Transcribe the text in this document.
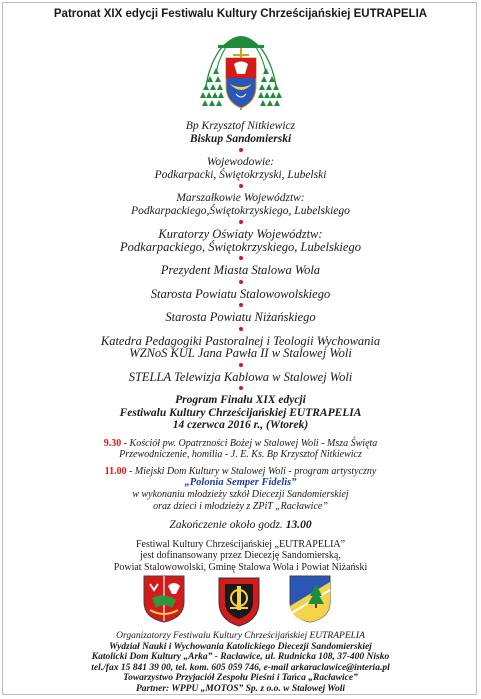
Patronat XIX edycji Festiwalu Kultury Chrześcijańskiej EUTRAPELIA

Bp Krzysztof Nitkiewicz

Biskup Sandomierski

Wojewodowie:

Podkarpacki, Świętokrzyski, Lubelski

Marszałkowie Województw:

Podkarpackiego,Świętokrzyskiego, Lubelskiego

Kuratorzy Oświaty Województw:

Podkarpackiego, Świętokrzyskiego, Lubelskiego

Prezydent Miasta Stalowa Wola

Starosta Powiatu Stalowowolskiego

Starosta Powiatu Niżańskiego

Katedra Pedagogiki Pastoralnej i Teologii Wychowania

WZNoS KUL Jana Pawła II w Stalowej Woli

STELLA Telewizja Kablowa w Stalowej Woli

Program Finału XIX edycji

Festiwalu Kultury Chrześcijańskiej EUTRAPELIA

14 czerwca 2016 r., (Wtorek)

9.30 - Kościół pw. Opatrzności Bożej w Stalowej Woli - Msza Święta

Przewodniczenie, homilia - J. E. Ks. Bp Krzysztof Nitkiewicz

11.00 - Miejski Dom Kultury w Stalowej Woli - program artystyczny

„Polonia Semper Fidelis”

w wykonaniu młodzieży szkół Diecezji Sandomierskiej

oraz dzieci i młodzieży z ZPiT „Racławice”

Zakończenie około godz. 13.00

Festiwal Kultury Chrześcijańskiej „EUTRAPELIA”

jest dofinansowany przez Diecezję Sandomierską,

Powiat Stalowowolski, Gminę Stalowa Wola i Powiat Niżański

Organizatorzy Festiwalu Kultury Chrześcijańskiej EUTRAPELIA

Wydział Nauki i Wychowania Katolickiego Diecezji Sandomierskiej

Katolicki Dom Kultury „Arka” - Racławice, ul. Rudnicka 108, 37-400 Nisko

tel./fax 15 841 39 00, tel. kom. 605 059 746, e-mail arkaraclawice@interia.pl

Towarzystwo Przyjaciół Zespołu Pieśni i Tańca „Racławice”

Partner: WPPU „MOTOS” Sp. z o.o. w Stalowej Woli
